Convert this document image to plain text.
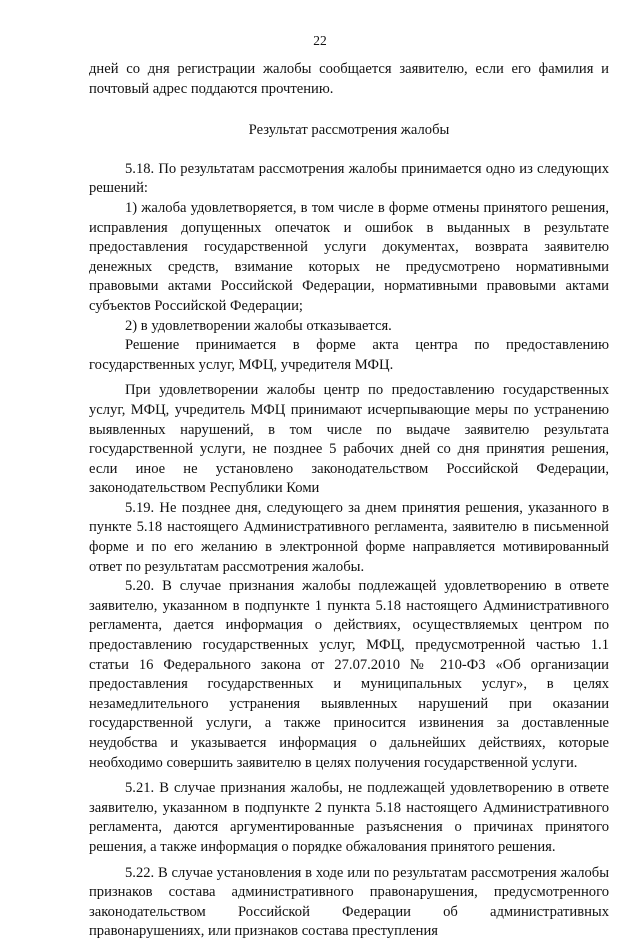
22

дней со дня регистрации жалобы сообщается заявителю, если его фамилия и почтовый адрес поддаются прочтению.

Результат рассмотрения жалобы

5.18. По результатам рассмотрения жалобы принимается одно из следующих решений:

1) жалоба удовлетворяется, в том числе в форме отмены принятого решения, исправления допущенных опечаток и ошибок в выданных в результате предоставления государственной услуги документах, возврата заявителю денежных средств, взимание которых не предусмотрено нормативными правовыми актами Российской Федерации, нормативными правовыми актами субъектов Российской Федерации;

2) в удовлетворении жалобы отказывается.

Решение принимается в форме акта центра по предоставлению государственных услуг, МФЦ, учредителя МФЦ.

При удовлетворении жалобы центр по предоставлению государственных услуг, МФЦ, учредитель МФЦ принимают исчерпывающие меры по устранению выявленных нарушений, в том числе по выдаче заявителю результата государственной услуги, не позднее 5 рабочих дней со дня принятия решения, если иное не установлено законодательством Российской Федерации, законодательством Республики Коми

5.19. Не позднее дня, следующего за днем принятия решения, указанного в пункте 5.18 настоящего Административного регламента, заявителю в письменной форме и по его желанию в электронной форме направляется мотивированный ответ по результатам рассмотрения жалобы.

5.20. В случае признания жалобы подлежащей удовлетворению в ответе заявителю, указанном в подпункте 1 пункта 5.18 настоящего Административного регламента, дается информация о действиях, осуществляемых центром по предоставлению государственных услуг, МФЦ, предусмотренной частью 1.1 статьи 16 Федерального закона от 27.07.2010 № 210-ФЗ «Об организации предоставления государственных и муниципальных услуг», в целях незамедлительного устранения выявленных нарушений при оказании государственной услуги, а также приносится извинения за доставленные неудобства и указывается информация о дальнейших действиях, которые необходимо совершить заявителю в целях получения государственной услуги.

5.21. В случае признания жалобы, не подлежащей удовлетворению в ответе заявителю, указанном в подпункте 2 пункта 5.18 настоящего Административного регламента, даются аргументированные разъяснения о причинах принятого решения, а также информация о порядке обжалования принятого решения.

5.22. В случае установления в ходе или по результатам рассмотрения жалобы признаков состава административного правонарушения, предусмотренного законодательством Российской Федерации об административных правонарушениях, или признаков состава преступления
